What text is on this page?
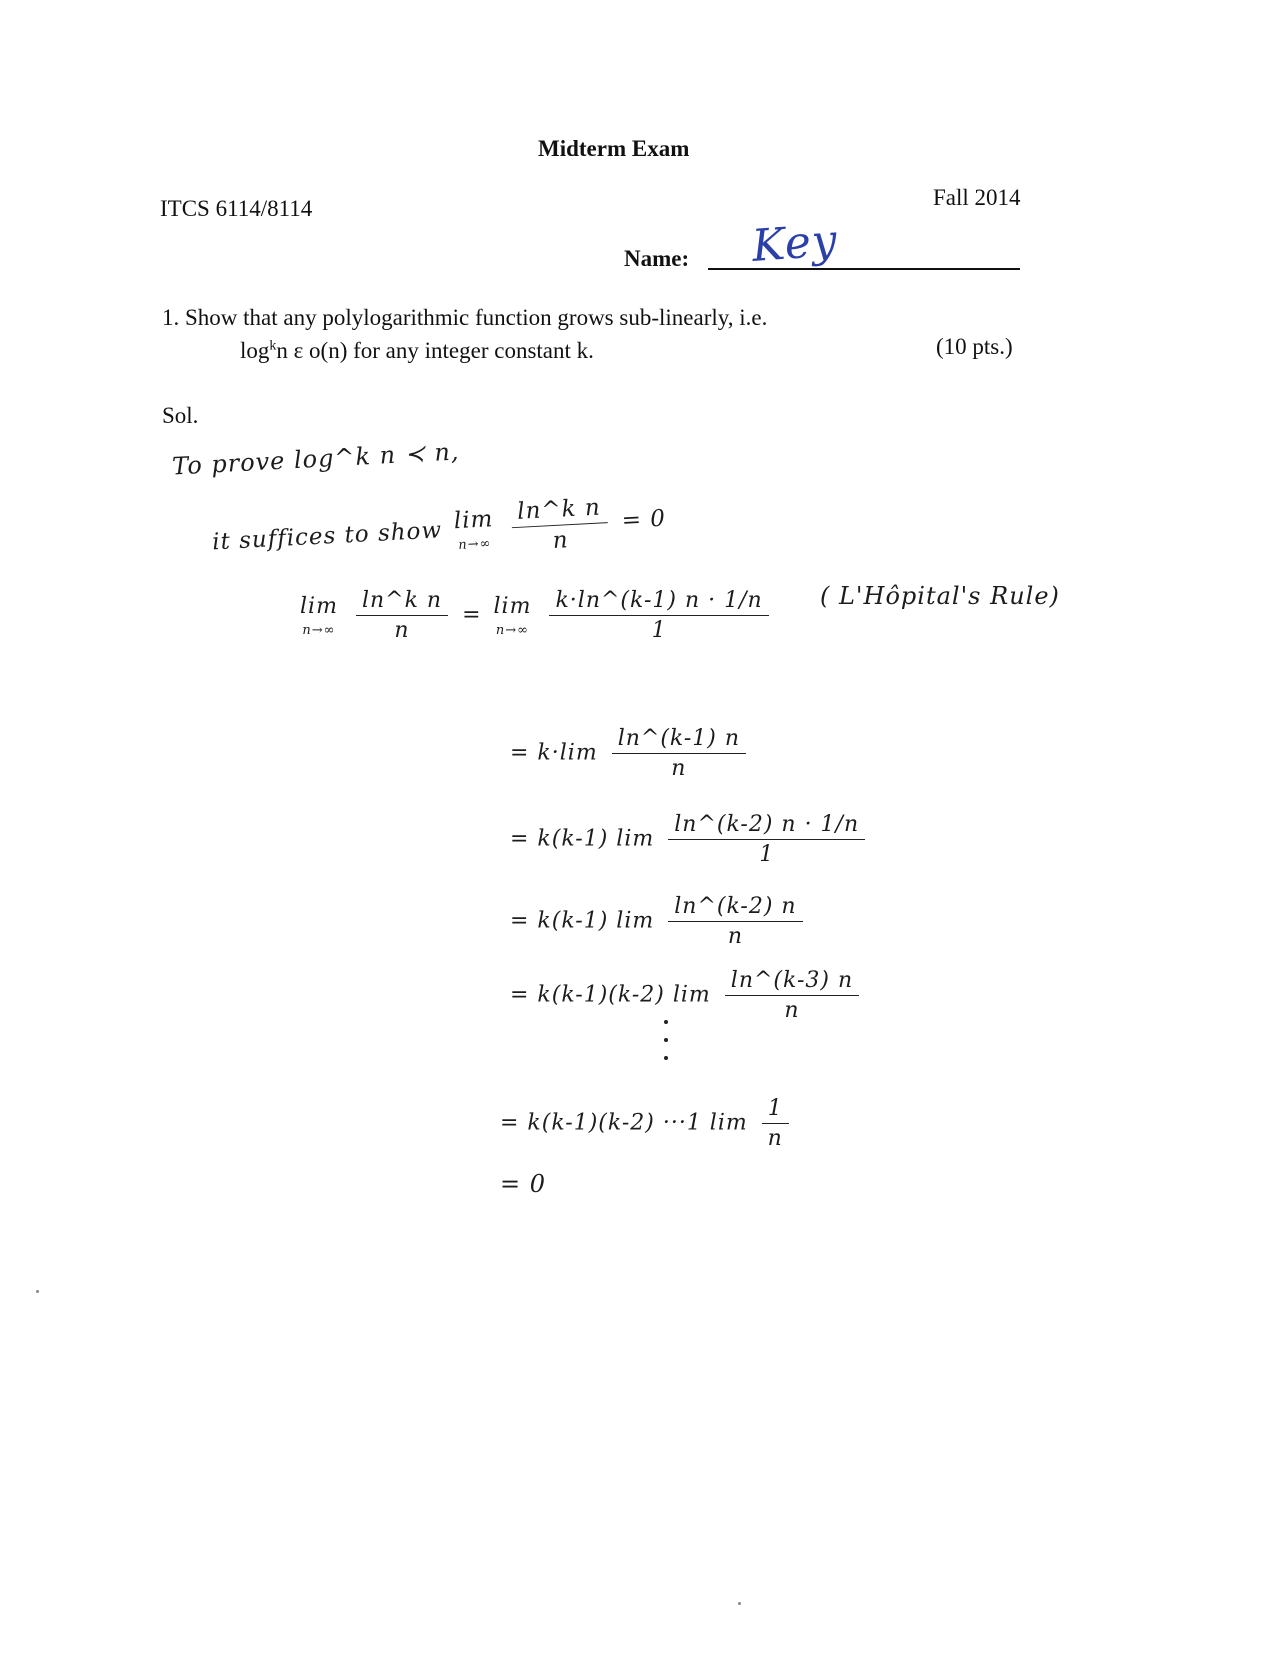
Midterm Exam
ITCS 6114/8114	Fall 2014
Name: Key
1. Show that any polylogarithmic function grows sub-linearly, i.e.
$\log^kn$ ε o(n) for any integer constant k.	(10 pts.)
Sol.
To prove log^k n ≺ n,
it suffices to show lim
n→∞
$\frac{\text{ln\textasciicircum{}k n}}{n} = 0$
lim
n→∞
$\frac{\text{ln\textasciicircum{}k n}}{n} = \lim$
n→∞
$\frac{k\cdot\ln\^{}(k-1) n \cdot 1/n}{1}$ ( L'Hôpital's Rule)
= $k\cdot\lim \frac{\ln\^{}(k-1) n}{n}$
= k(k-1) $\lim \frac{\ln\^{}(k-2) n \cdot 1/n}{1}$
= k(k-1) $\lim \frac{\ln\^{}(k-2) n}{n}$
= k(k-1)(k-2) $\lim \frac{\ln\^{}(k-3) n}{n}$
= k(k-1)(k-2) ···1 $\lim \frac{1}{n}$
= 0
